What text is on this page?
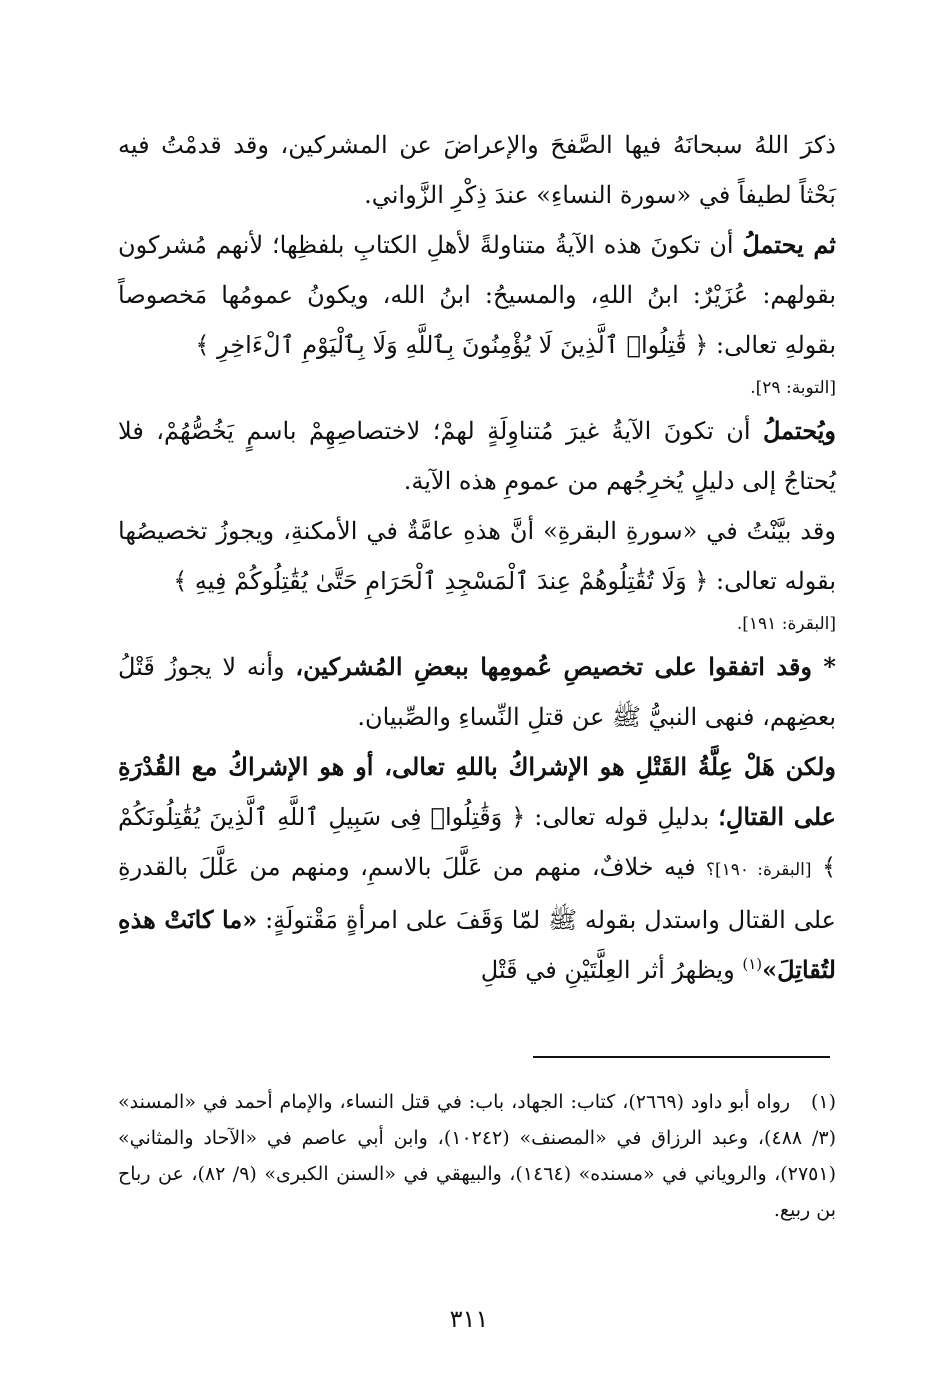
ذكرَ اللهُ سبحانَهُ فيها الصَّفحَ والإعراضَ عن المشركين، وقد قدمْتُ فيه بَحْثاً لطيفاً في «سورة النساءِ» عندَ ذِكْرِ الزَّواني.

ثم يحتملُ أن تكونَ هذه الآيةُ متناولةً لأهلِ الكتابِ بلفظِها؛ لأنهم مُشركون بقولهم: عُزَيْرٌ: ابنُ اللهِ، والمسيحُ: ابنُ الله، ويكونُ عمومُها مَخصوصاً بقولهِ تعالى: ﴿ قَٰتِلُوا۟ ٱلَّذِينَ لَا يُؤْمِنُونَ بِٱللَّهِ وَلَا بِٱلْيَوْمِ ٱلْءَاخِرِ ﴾
[التوبة: ٢٩].

ويُحتملُ أن تكونَ الآيةُ غيرَ مُتناوِلَةٍ لهمْ؛ لاختصاصِهِمْ باسمٍ يَخُصُّهُمْ، فلا يُحتاجُ إلى دليلٍ يُخرِجُهم من عمومِ هذه الآية.

وقد بيَّنْتُ في «سورةِ البقرةِ» أنَّ هذهِ عامَّةٌ في الأمكنةِ، ويجوزُ تخصيصُها بقوله تعالى: ﴿ وَلَا تُقَٰتِلُوهُمْ عِندَ ٱلْمَسْجِدِ ٱلْحَرَامِ حَتَّىٰ يُقَٰتِلُوكُمْ فِيهِ ﴾
[البقرة: ١٩١].

* وقد اتفقوا على تخصيصِ عُمومِها ببعضِ المُشركين، وأنه لا يجوزُ قَتْلُ بعضِهم، فنهى النبيُّ ﷺ عن قتلِ النِّساءِ والصِّبيان.

ولكن هَلْ عِلَّةُ القَتْلِ هو الإشراكُ باللهِ تعالى، أو هو الإشراكُ مع القُدْرَةِ على القتالِ؛ بدليلِ قوله تعالى: ﴿ وَقَٰتِلُوا۟ فِى سَبِيلِ ٱللَّهِ ٱلَّذِينَ يُقَٰتِلُونَكُمْ ﴾ [البقرة: ١٩٠]؟ فيه خلافٌ، منهم من عَلَّلَ بالاسمِ، ومنهم من عَلَّلَ بالقدرةِ على القتال واستدل بقوله ﷺ لمّا وَقَفَ على امرأةٍ مَقْتولَةٍ: «ما كانَتْ هذهِ لتُقاتِلَ»$^{(١)}$ ويظهرُ أثر العِلَّتَيْنِ في قَتْلِ

(١) رواه أبو داود (٢٦٦٩)، كتاب: الجهاد، باب: في قتل النساء، والإمام أحمد في «المسند» (٣/ ٤٨٨)، وعبد الرزاق في «المصنف» (١٠٢٤٢)، وابن أبي عاصم في «الآحاد والمثاني» (٢٧٥١)، والروياني في «مسنده» (١٤٦٤)، والبيهقي في «السنن الكبرى» (٩/ ٨٢)، عن رباح بن ربيع.
٣١١
